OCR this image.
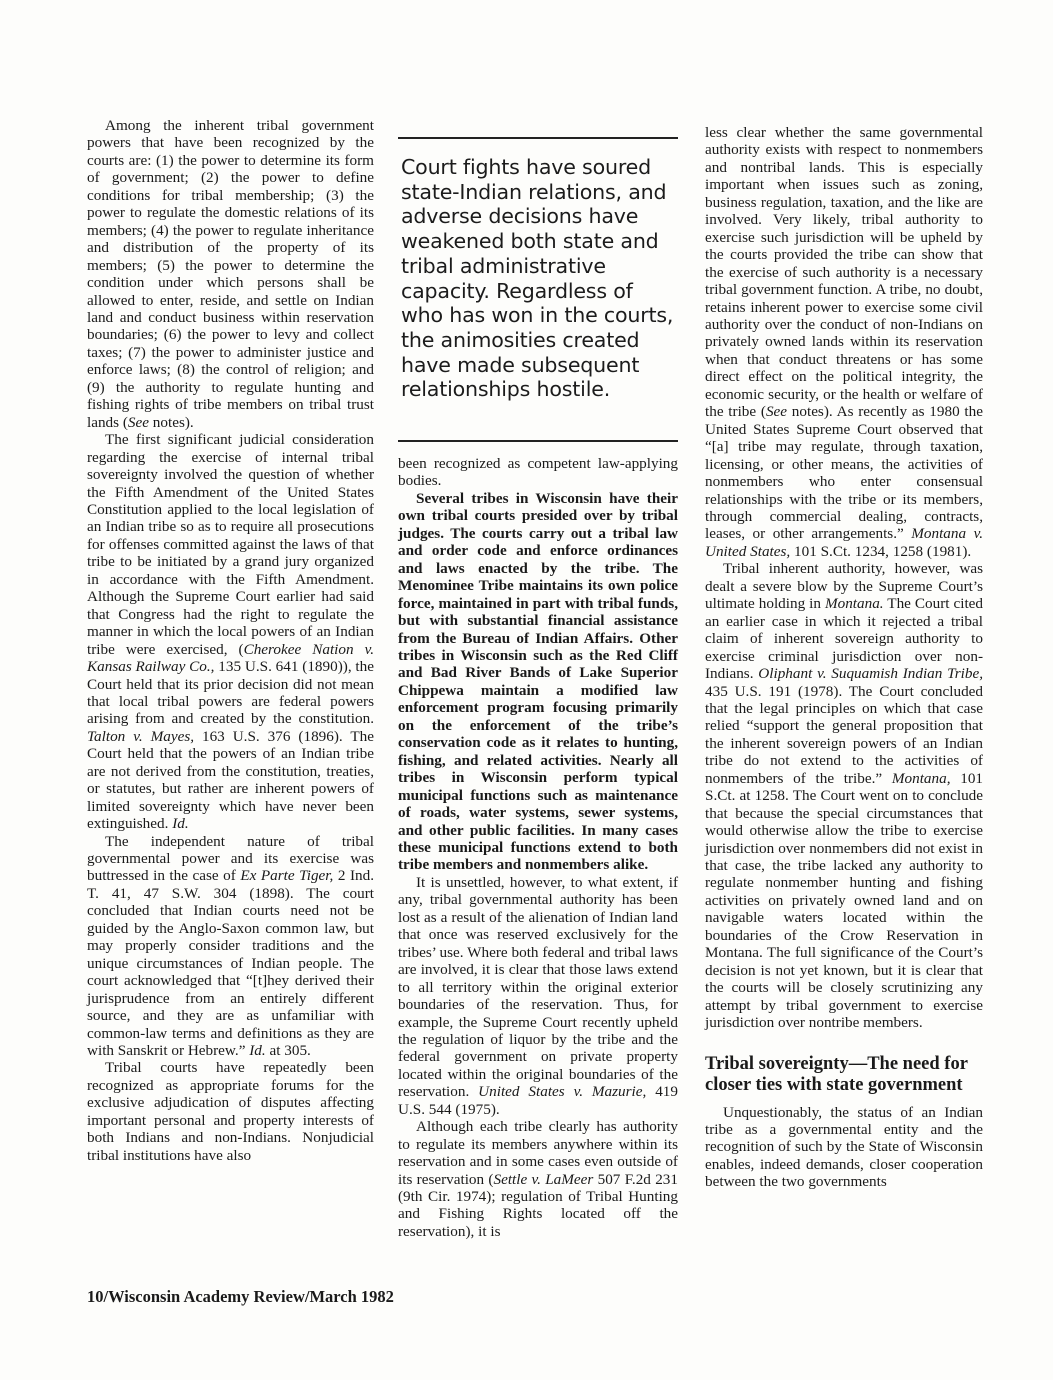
Among the inherent tribal government powers that have been recognized by the courts are: (1) the power to determine its form of government; (2) the power to define conditions for tribal membership; (3) the power to regulate the domestic relations of its members; (4) the power to regulate inheritance and distribution of the property of its members; (5) the power to determine the condition under which persons shall be allowed to enter, reside, and settle on Indian land and conduct business within reservation boundaries; (6) the power to levy and collect taxes; (7) the power to administer justice and enforce laws; (8) the control of religion; and (9) the authority to regulate hunting and fishing rights of tribe members on tribal trust lands (See notes).

The first significant judicial consideration regarding the exercise of internal tribal sovereignty involved the question of whether the Fifth Amendment of the United States Constitution applied to the local legislation of an Indian tribe so as to require all prosecutions for offenses committed against the laws of that tribe to be initiated by a grand jury organized in accordance with the Fifth Amendment. Although the Supreme Court earlier had said that Congress had the right to regulate the manner in which the local powers of an Indian tribe were exercised, (Cherokee Nation v. Kansas Railway Co., 135 U.S. 641 (1890)), the Court held that its prior decision did not mean that local tribal powers are federal powers arising from and created by the constitution. Talton v. Mayes, 163 U.S. 376 (1896). The Court held that the powers of an Indian tribe are not derived from the constitution, treaties, or statutes, but rather are inherent powers of limited sovereignty which have never been extinguished. Id.

The independent nature of tribal governmental power and its exercise was buttressed in the case of Ex Parte Tiger, 2 Ind. T. 41, 47 S.W. 304 (1898). The court concluded that Indian courts need not be guided by the Anglo-Saxon common law, but may properly consider traditions and the unique circumstances of Indian people. The court acknowledged that “[t]hey derived their jurisprudence from an entirely different source, and they are as unfamiliar with common-law terms and definitions as they are with Sanskrit or Hebrew.” Id. at 305.

Tribal courts have repeatedly been recognized as appropriate forums for the exclusive adjudication of disputes affecting important personal and property interests of both Indians and non-Indians. Nonjudicial tribal institutions have also

Court fights have soured state-Indian relations, and adverse decisions have weakened both state and tribal administrative capacity. Regardless of who has won in the courts, the animosities created have made subsequent relationships hostile.

been recognized as competent law-applying bodies.

Several tribes in Wisconsin have their own tribal courts presided over by tribal judges. The courts carry out a tribal law and order code and enforce ordinances and laws enacted by the tribe. The Menominee Tribe maintains its own police force, maintained in part with tribal funds, but with substantial financial assistance from the Bureau of Indian Affairs. Other tribes in Wisconsin such as the Red Cliff and Bad River Bands of Lake Superior Chippewa maintain a modified law enforcement program focusing primarily on the enforcement of the tribe’s conservation code as it relates to hunting, fishing, and related activities. Nearly all tribes in Wisconsin perform typical municipal functions such as maintenance of roads, water systems, sewer systems, and other public facilities. In many cases these municipal functions extend to both tribe members and nonmembers alike.

It is unsettled, however, to what extent, if any, tribal governmental authority has been lost as a result of the alienation of Indian land that once was reserved exclusively for the tribes’ use. Where both federal and tribal laws are involved, it is clear that those laws extend to all territory within the original exterior boundaries of the reservation. Thus, for example, the Supreme Court recently upheld the regulation of liquor by the tribe and the federal government on private property located within the original boundaries of the reservation. United States v. Mazurie, 419 U.S. 544 (1975).

Although each tribe clearly has authority to regulate its members anywhere within its reservation and in some cases even outside of its reservation (Settle v. LaMeer 507 F.2d 231 (9th Cir. 1974); regulation of Tribal Hunting and Fishing Rights located off the reservation), it is

less clear whether the same governmental authority exists with respect to nonmembers and nontribal lands. This is especially important when issues such as zoning, business regulation, taxation, and the like are involved. Very likely, tribal authority to exercise such jurisdiction will be upheld by the courts provided the tribe can show that the exercise of such authority is a necessary tribal government function. A tribe, no doubt, retains inherent power to exercise some civil authority over the conduct of non-Indians on privately owned lands within its reservation when that conduct threatens or has some direct effect on the political integrity, the economic security, or the health or welfare of the tribe (See notes). As recently as 1980 the United States Supreme Court observed that “[a] tribe may regulate, through taxation, licensing, or other means, the activities of nonmembers who enter consensual relationships with the tribe or its members, through commercial dealing, contracts, leases, or other arrangements.” Montana v. United States, 101 S.Ct. 1234, 1258 (1981).

Tribal inherent authority, however, was dealt a severe blow by the Supreme Court’s ultimate holding in Montana. The Court cited an earlier case in which it rejected a tribal claim of inherent sovereign authority to exercise criminal jurisdiction over non-Indians. Oliphant v. Suquamish Indian Tribe, 435 U.S. 191 (1978). The Court concluded that the legal principles on which that case relied “support the general proposition that the inherent sovereign powers of an Indian tribe do not extend to the activities of nonmembers of the tribe.” Montana, 101 S.Ct. at 1258. The Court went on to conclude that because the special circumstances that would otherwise allow the tribe to exercise jurisdiction over nonmembers did not exist in that case, the tribe lacked any authority to regulate nonmember hunting and fishing activities on privately owned land and on navigable waters located within the boundaries of the Crow Reservation in Montana. The full significance of the Court’s decision is not yet known, but it is clear that the courts will be closely scrutinizing any attempt by tribal government to exercise jurisdiction over nontribe members.

Tribal sovereignty—The need for closer ties with state government

Unquestionably, the status of an Indian tribe as a governmental entity and the recognition of such by the State of Wisconsin enables, indeed demands, closer cooperation between the two governments

10/Wisconsin Academy Review/March 1982
